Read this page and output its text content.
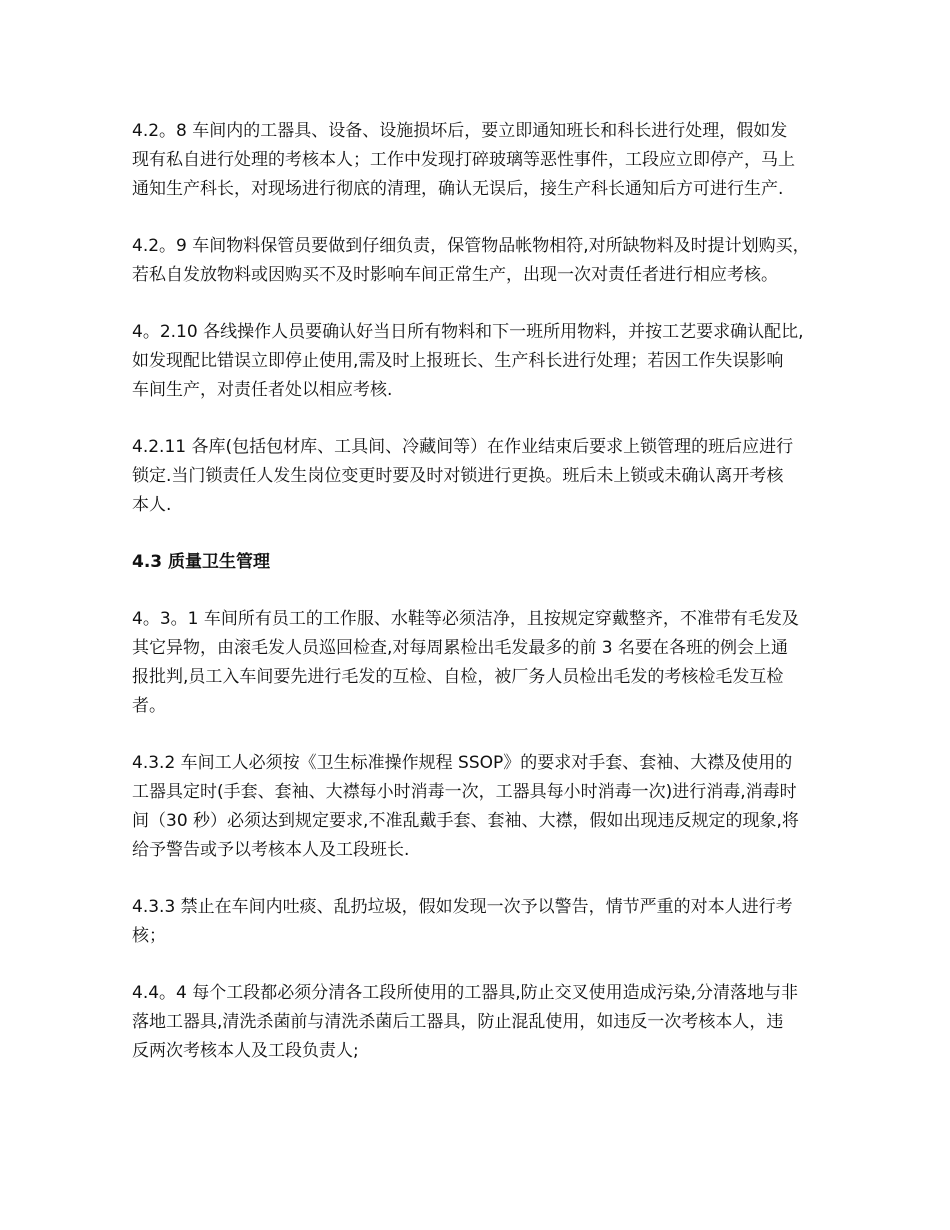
4.2。8 车间内的工器具、设备、设施损坏后，要立即通知班长和科长进行处理，假如发
现有私自进行处理的考核本人；工作中发现打碎玻璃等恶性事件，工段应立即停产，马上
通知生产科长，对现场进行彻底的清理，确认无误后，接生产科长通知后方可进行生产.

4.2。9 车间物料保管员要做到仔细负责，保管物品帐物相符,对所缺物料及时提计划购买，
若私自发放物料或因购买不及时影响车间正常生产，出现一次对责任者进行相应考核。

4。2.10 各线操作人员要确认好当日所有物料和下一班所用物料，并按工艺要求确认配比,
如发现配比错误立即停止使用,需及时上报班长、生产科长进行处理；若因工作失误影响
车间生产，对责任者处以相应考核.

4.2.11 各库(包括包材库、工具间、冷藏间等）在作业结束后要求上锁管理的班后应进行
锁定.当门锁责任人发生岗位变更时要及时对锁进行更换。班后未上锁或未确认离开考核
本人.

4.3 质量卫生管理

4。3。1 车间所有员工的工作服、水鞋等必须洁净，且按规定穿戴整齐，不准带有毛发及
其它异物，由滚毛发人员巡回检查,对每周累检出毛发最多的前 3 名要在各班的例会上通
报批判,员工入车间要先进行毛发的互检、自检，被厂务人员检出毛发的考核检毛发互检
者。

4.3.2 车间工人必须按《卫生标准操作规程 SSOP》的要求对手套、套袖、大襟及使用的
工器具定时(手套、套袖、大襟每小时消毒一次，工器具每小时消毒一次)进行消毒,消毒时
间（30 秒）必须达到规定要求,不准乱戴手套、套袖、大襟，假如出现违反规定的现象,将
给予警告或予以考核本人及工段班长.

4.3.3 禁止在车间内吐痰、乱扔垃圾，假如发现一次予以警告，情节严重的对本人进行考
核；

4.4。4 每个工段都必须分清各工段所使用的工器具,防止交叉使用造成污染,分清落地与非
落地工器具,清洗杀菌前与清洗杀菌后工器具，防止混乱使用，如违反一次考核本人，违
反两次考核本人及工段负责人;
